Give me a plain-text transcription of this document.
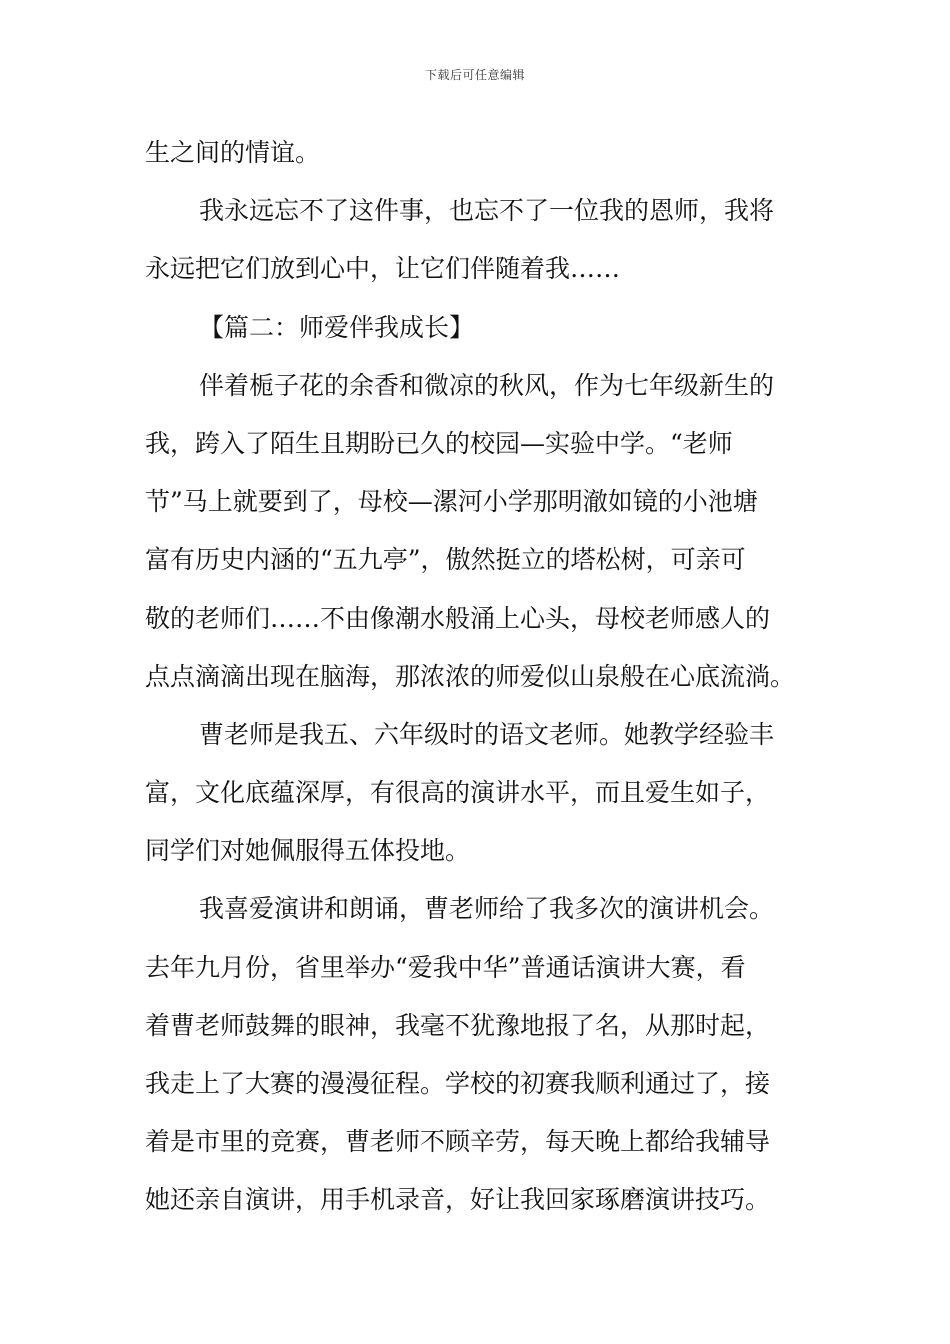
下载后可任意编辑
生之间的情谊。
我永远忘不了这件事，也忘不了一位我的恩师，我将
永远把它们放到心中，让它们伴随着我……
【篇二：师爱伴我成长】
伴着栀子花的余香和微凉的秋风，作为七年级新生的
我，跨入了陌生且期盼已久的校园—实验中学。“老师
节”马上就要到了，母校—漯河小学那明澈如镜的小池塘
富有历史内涵的“五九亭”，傲然挺立的塔松树，可亲可
敬的老师们……不由像潮水般涌上心头，母校老师感人的
点点滴滴出现在脑海，那浓浓的师爱似山泉般在心底流淌。
曹老师是我五、六年级时的语文老师。她教学经验丰
富，文化底蕴深厚，有很高的演讲水平，而且爱生如子，
同学们对她佩服得五体投地。
我喜爱演讲和朗诵，曹老师给了我多次的演讲机会。
去年九月份，省里举办“爱我中华”普通话演讲大赛，看
着曹老师鼓舞的眼神，我毫不犹豫地报了名，从那时起，
我走上了大赛的漫漫征程。学校的初赛我顺利通过了，接
着是市里的竞赛，曹老师不顾辛劳，每天晚上都给我辅导
她还亲自演讲，用手机录音，好让我回家琢磨演讲技巧。
